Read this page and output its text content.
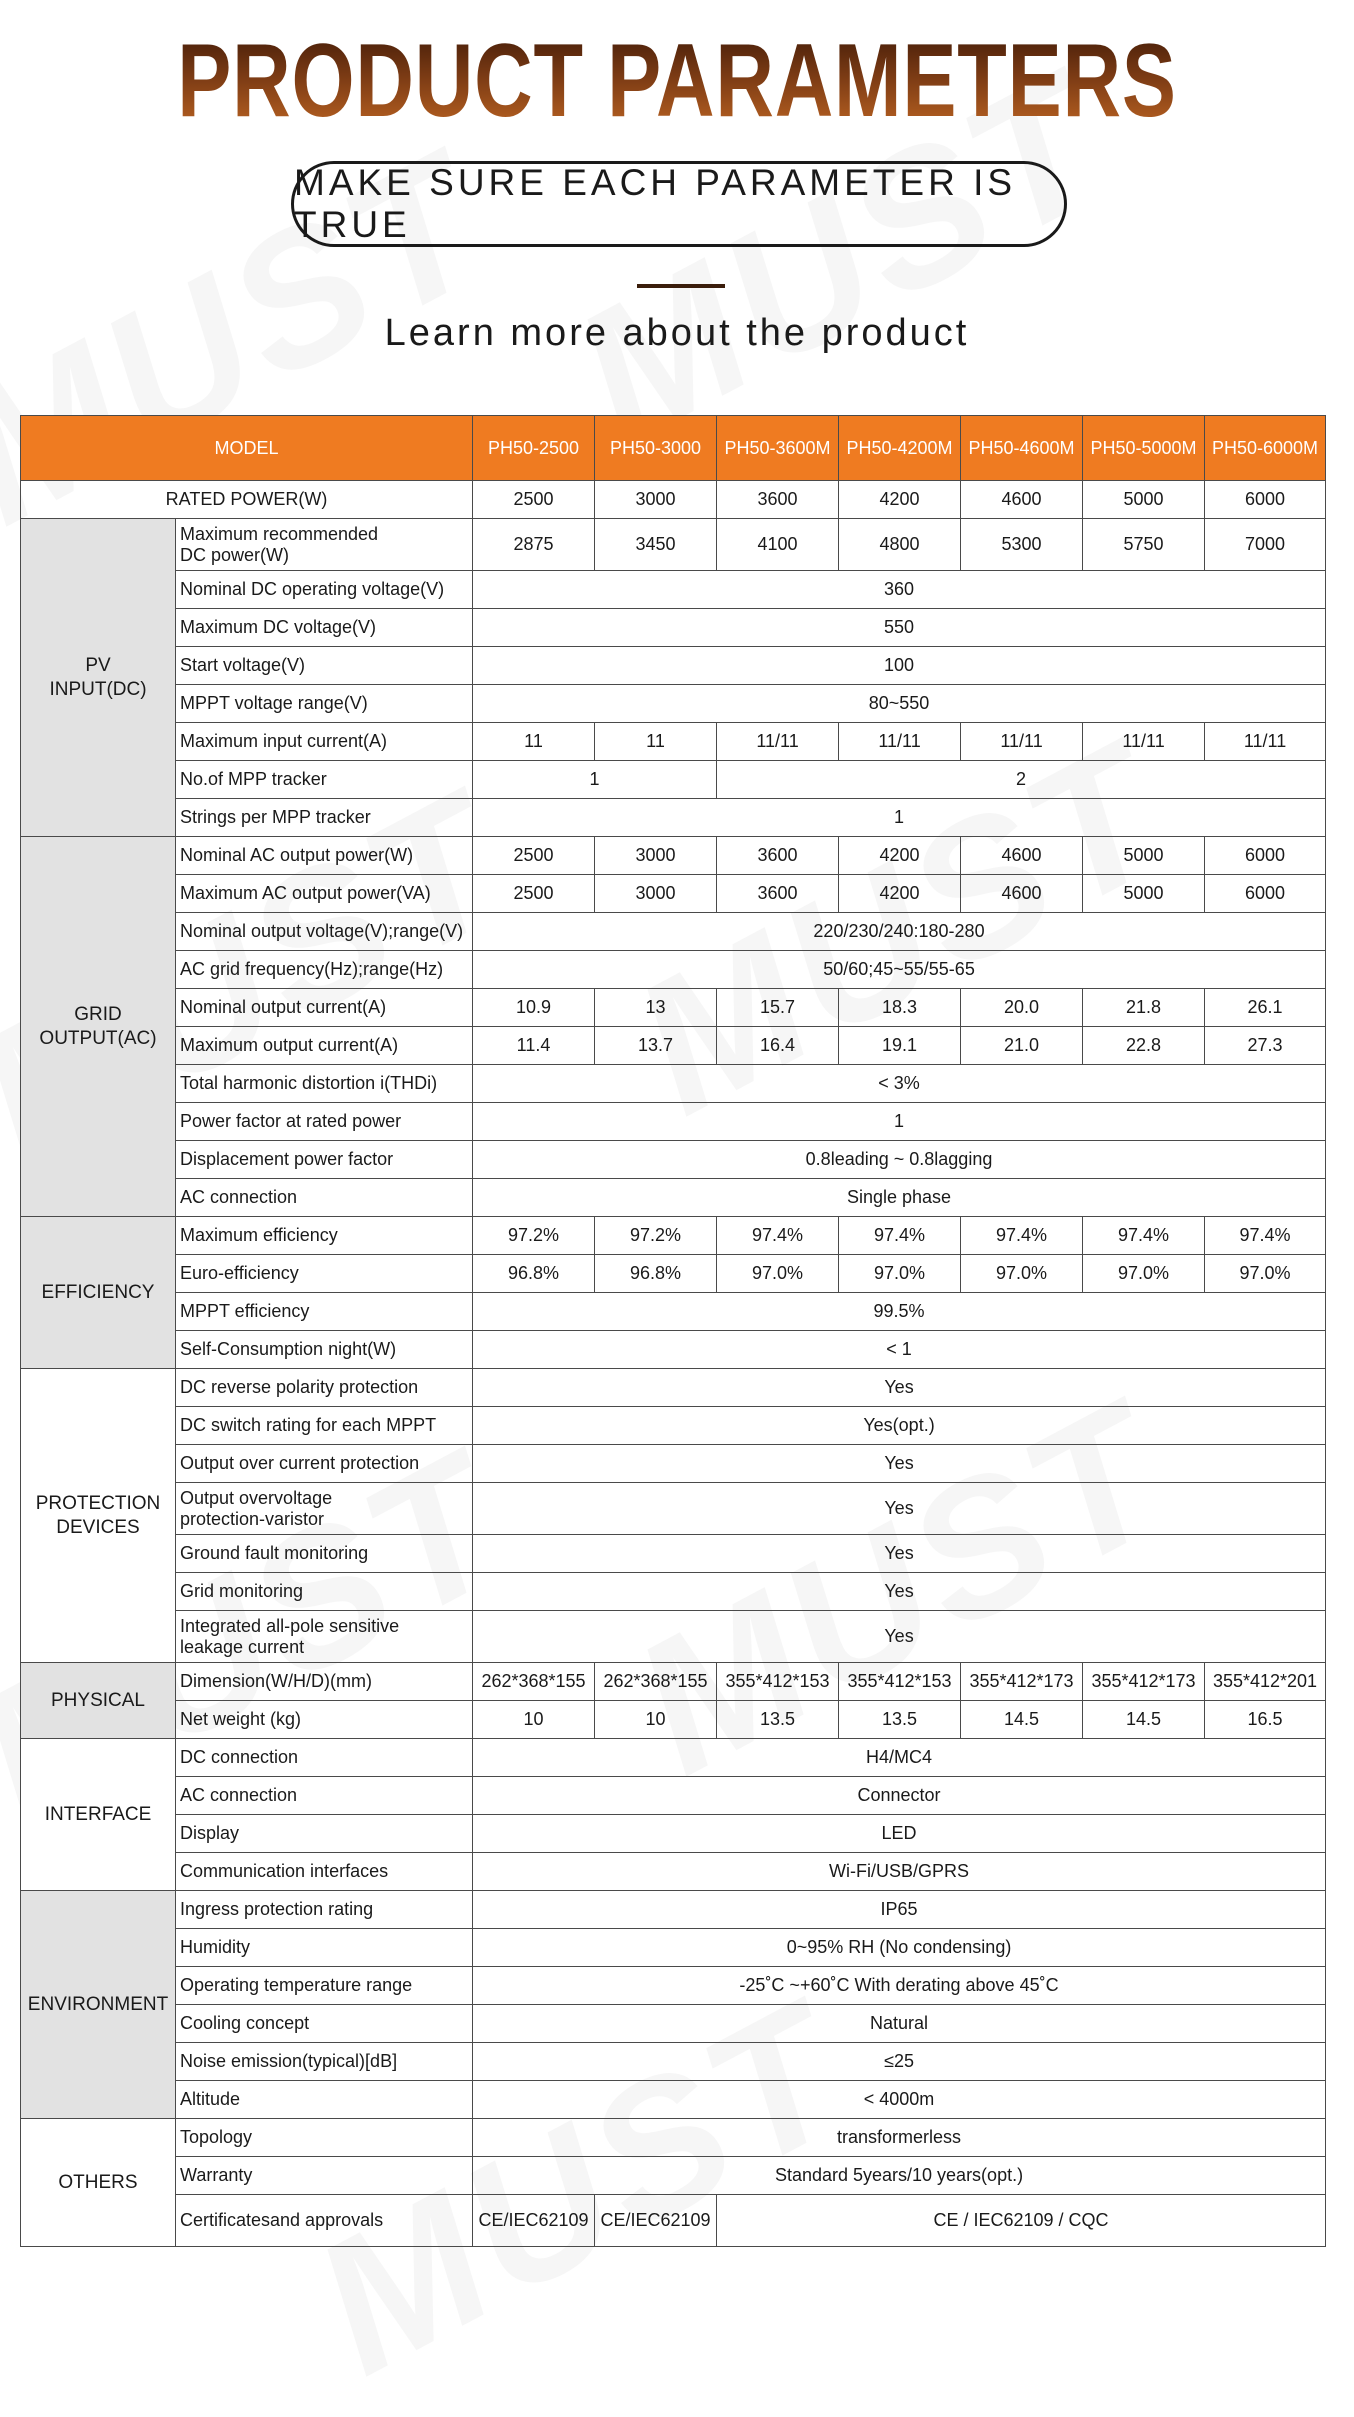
PRODUCT PARAMETERS
MAKE SURE EACH PARAMETER IS TRUE
Learn more about the product
MODEL		PH50-2500	PH50-3000	PH50-3600M	PH50-4200M	PH50-4600M	PH50-5000M	PH50-6000M
RATED POWER(W)		2500	3000	3600	4200	4600	5000	6000
PV
INPUT(DC)	Maximum recommended
DC power(W)	2875	3450	4100	4800	5300	5750	7000
	Nominal DC operating voltage(V)	360						
	Maximum DC voltage(V)	550						
	Start voltage(V)	100						
	MPPT voltage range(V)	80~550						
	Maximum input current(A)	11	11	11/11	11/11	11/11	11/11	11/11
	No.of MPP tracker	1		2				
	Strings per MPP tracker	1						
GRID
OUTPUT(AC)	Nominal AC output power(W)	2500	3000	3600	4200	4600	5000	6000
	Maximum AC output power(VA)	2500	3000	3600	4200	4600	5000	6000
	Nominal output voltage(V);range(V)	220/230/240:180-280						
	AC grid frequency(Hz);range(Hz)	50/60;45~55/55-65						
	Nominal output current(A)	10.9	13	15.7	18.3	20.0	21.8	26.1
	Maximum output current(A)	11.4	13.7	16.4	19.1	21.0	22.8	27.3
	Total harmonic distortion i(THDi)	< 3%						
	Power factor at rated power	1						
	Displacement power factor	0.8leading ~ 0.8lagging						
	AC connection	Single phase						
EFFICIENCY	Maximum efficiency	97.2%	97.2%	97.4%	97.4%	97.4%	97.4%	97.4%
	Euro-efficiency	96.8%	96.8%	97.0%	97.0%	97.0%	97.0%	97.0%
	MPPT efficiency	99.5%						
	Self-Consumption night(W)	< 1						
PROTECTION
DEVICES	DC reverse polarity protection	Yes						
	DC switch rating for each MPPT	Yes(opt.)						
	Output over current protection	Yes						
	Output overvoltage
protection-varistor	Yes						
	Ground fault monitoring	Yes						
	Grid monitoring	Yes						
	Integrated all-pole sensitive
leakage current	Yes						
PHYSICAL	Dimension(W/H/D)(mm)	262*368*155	262*368*155	355*412*153	355*412*153	355*412*173	355*412*173	355*412*201
	Net weight (kg)	10	10	13.5	13.5	14.5	14.5	16.5
INTERFACE	DC connection	H4/MC4						
	AC connection	Connector						
	Display	LED						
	Communication interfaces	Wi-Fi/USB/GPRS						
ENVIRONMENT	Ingress protection rating	IP65						
	Humidity	0~95% RH (No condensing)						
	Operating temperature range	-25˚C ~+60˚C With derating above 45˚C						
	Cooling concept	Natural						
	Noise emission(typical)[dB]	≤25						
	Altitude	< 4000m						
OTHERS	Topology	transformerless						
	Warranty	Standard 5years/10 years(opt.)						
	Certificatesand approvals	CE/IEC62109	CE/IEC62109	CE / IEC62109 / CQC				
